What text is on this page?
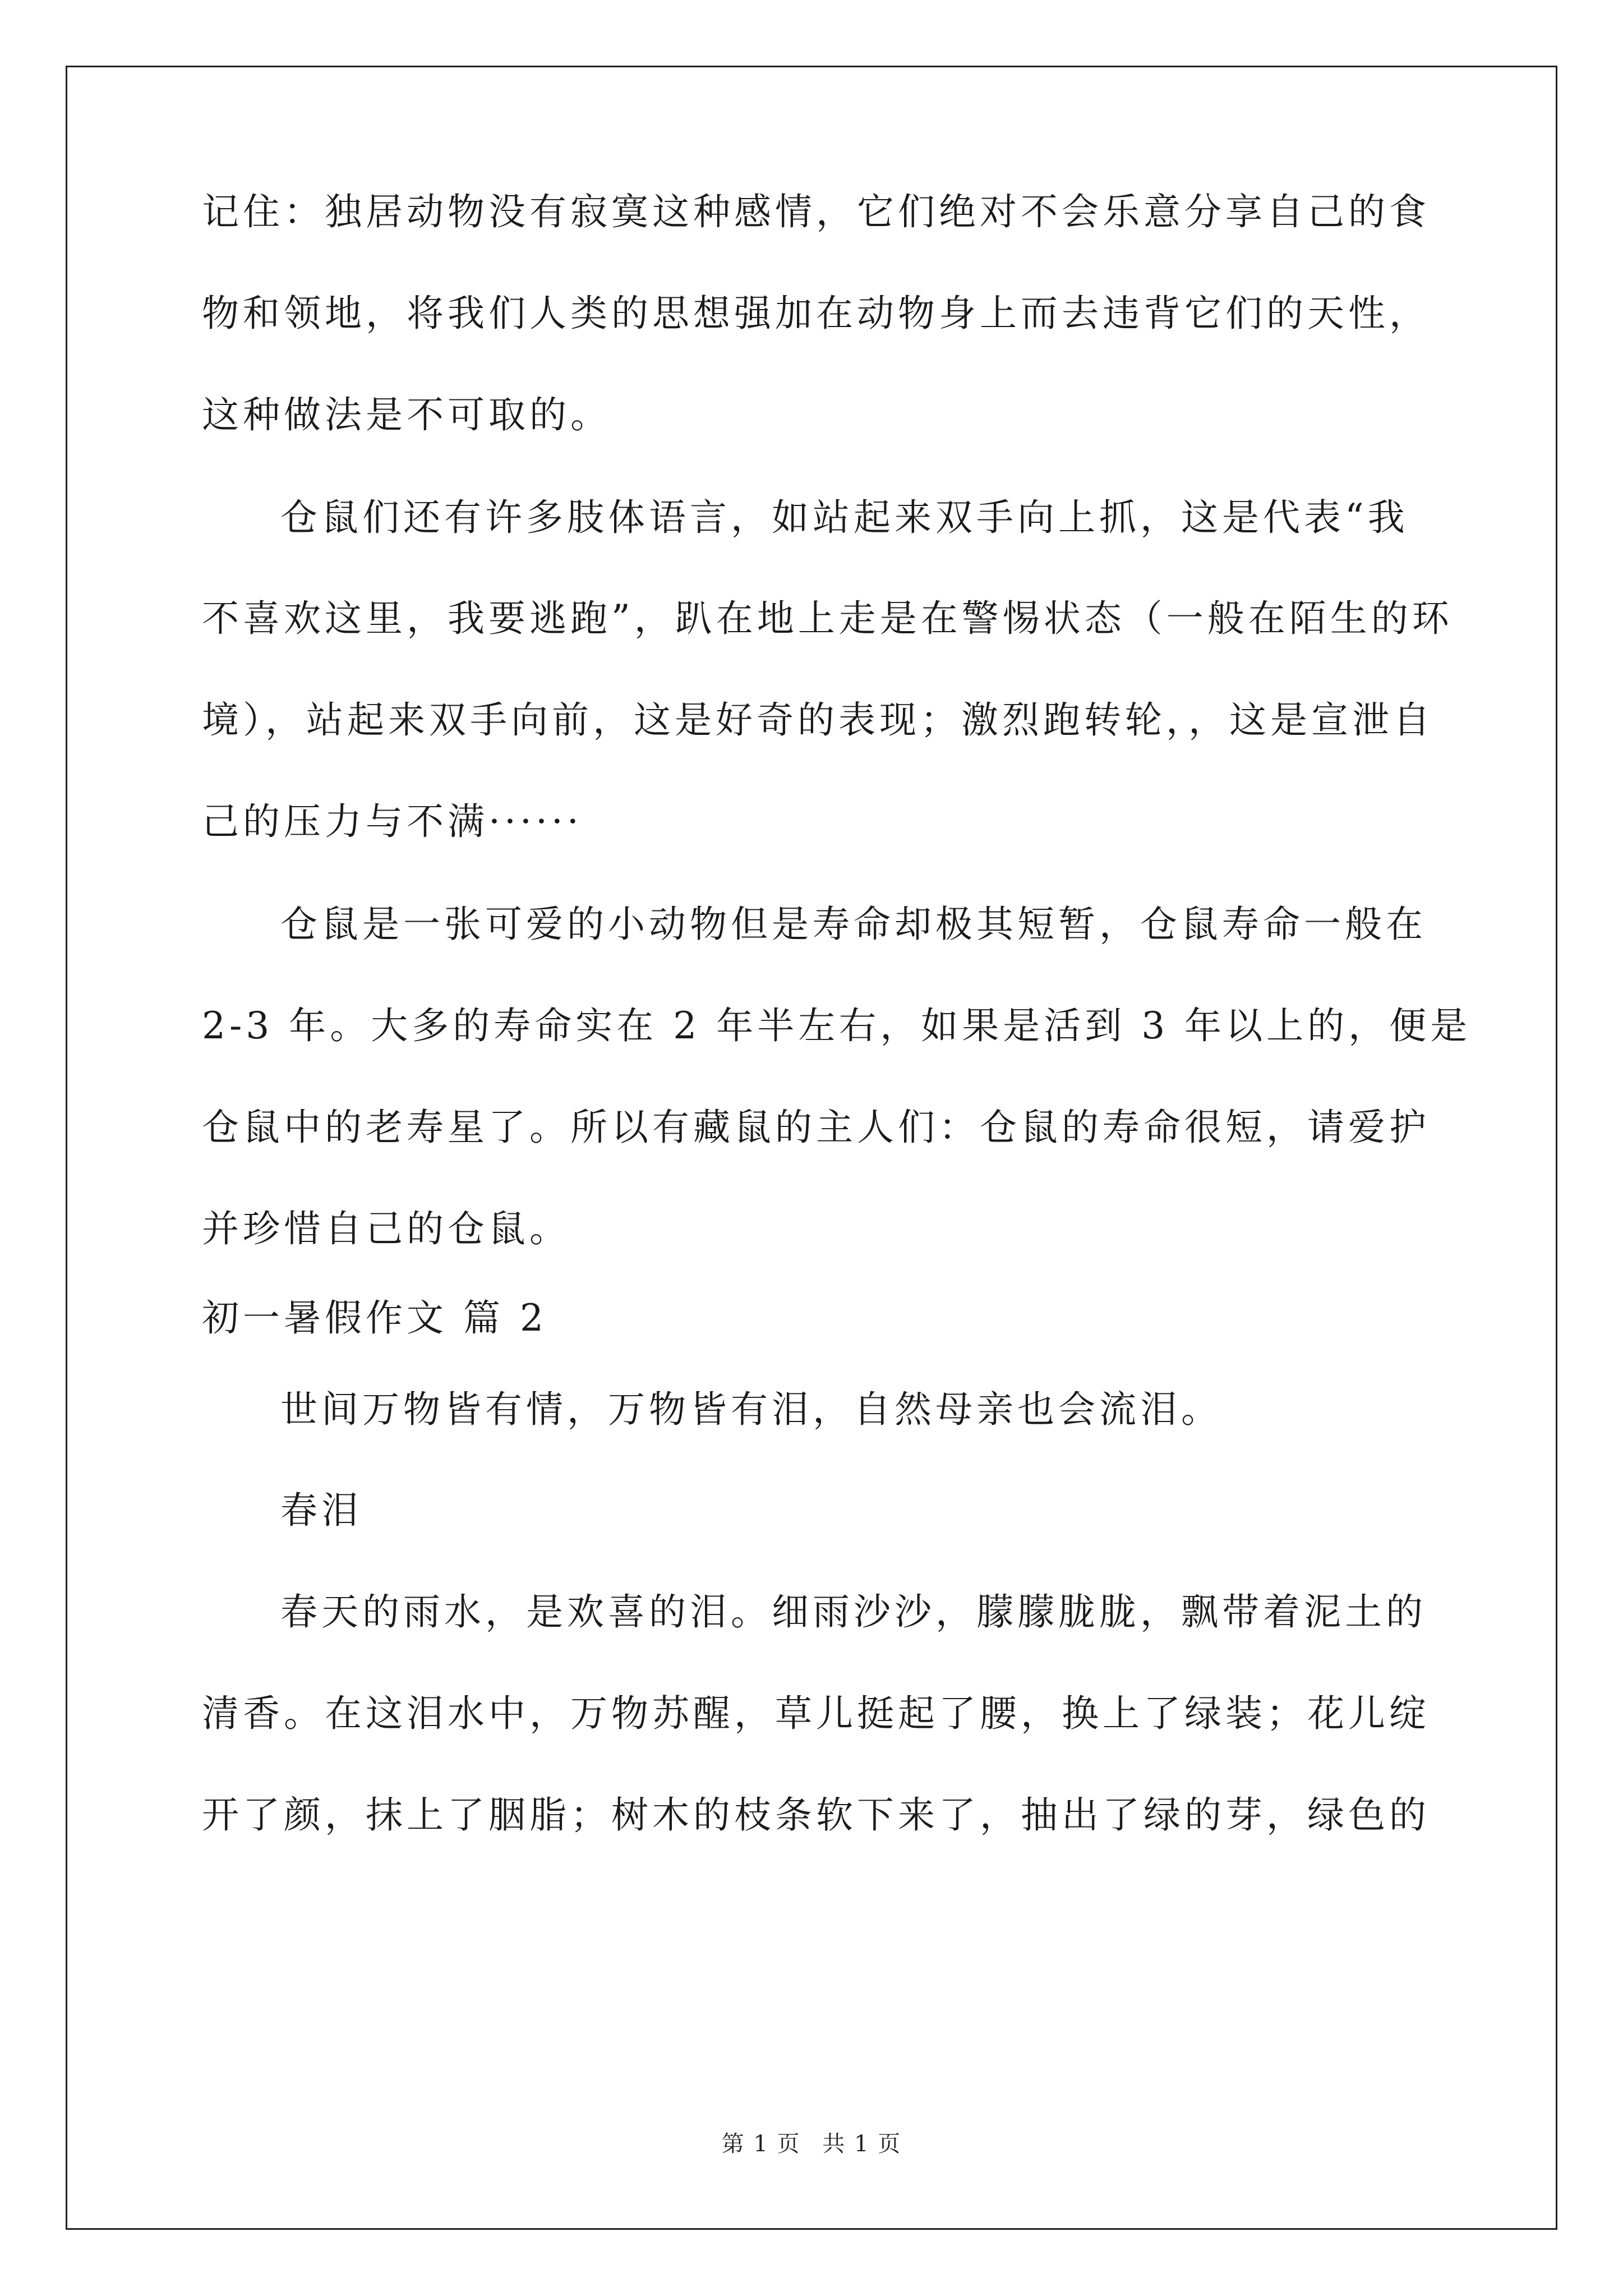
记住：独居动物没有寂寞这种感情，它们绝对不会乐意分享自己的食
物和领地，将我们人类的思想强加在动物身上而去违背它们的天性，
这种做法是不可取的。
仓鼠们还有许多肢体语言，如站起来双手向上抓，这是代表“我
不喜欢这里，我要逃跑”，趴在地上走是在警惕状态（一般在陌生的环
境），站起来双手向前，这是好奇的表现；激烈跑转轮，，这是宣泄自
己的压力与不满······
仓鼠是一张可爱的小动物但是寿命却极其短暂，仓鼠寿命一般在
2-3 年。大多的寿命实在 2 年半左右，如果是活到 3 年以上的，便是
仓鼠中的老寿星了。所以有藏鼠的主人们：仓鼠的寿命很短，请爱护
并珍惜自己的仓鼠。
初一暑假作文 篇 2
世间万物皆有情，万物皆有泪，自然母亲也会流泪。
春泪
春天的雨水，是欢喜的泪。细雨沙沙，朦朦胧胧，飘带着泥土的
清香。在这泪水中，万物苏醒，草儿挺起了腰，换上了绿装；花儿绽
开了颜，抹上了胭脂；树木的枝条软下来了，抽出了绿的芽，绿色的
第 1 页 共 1 页
